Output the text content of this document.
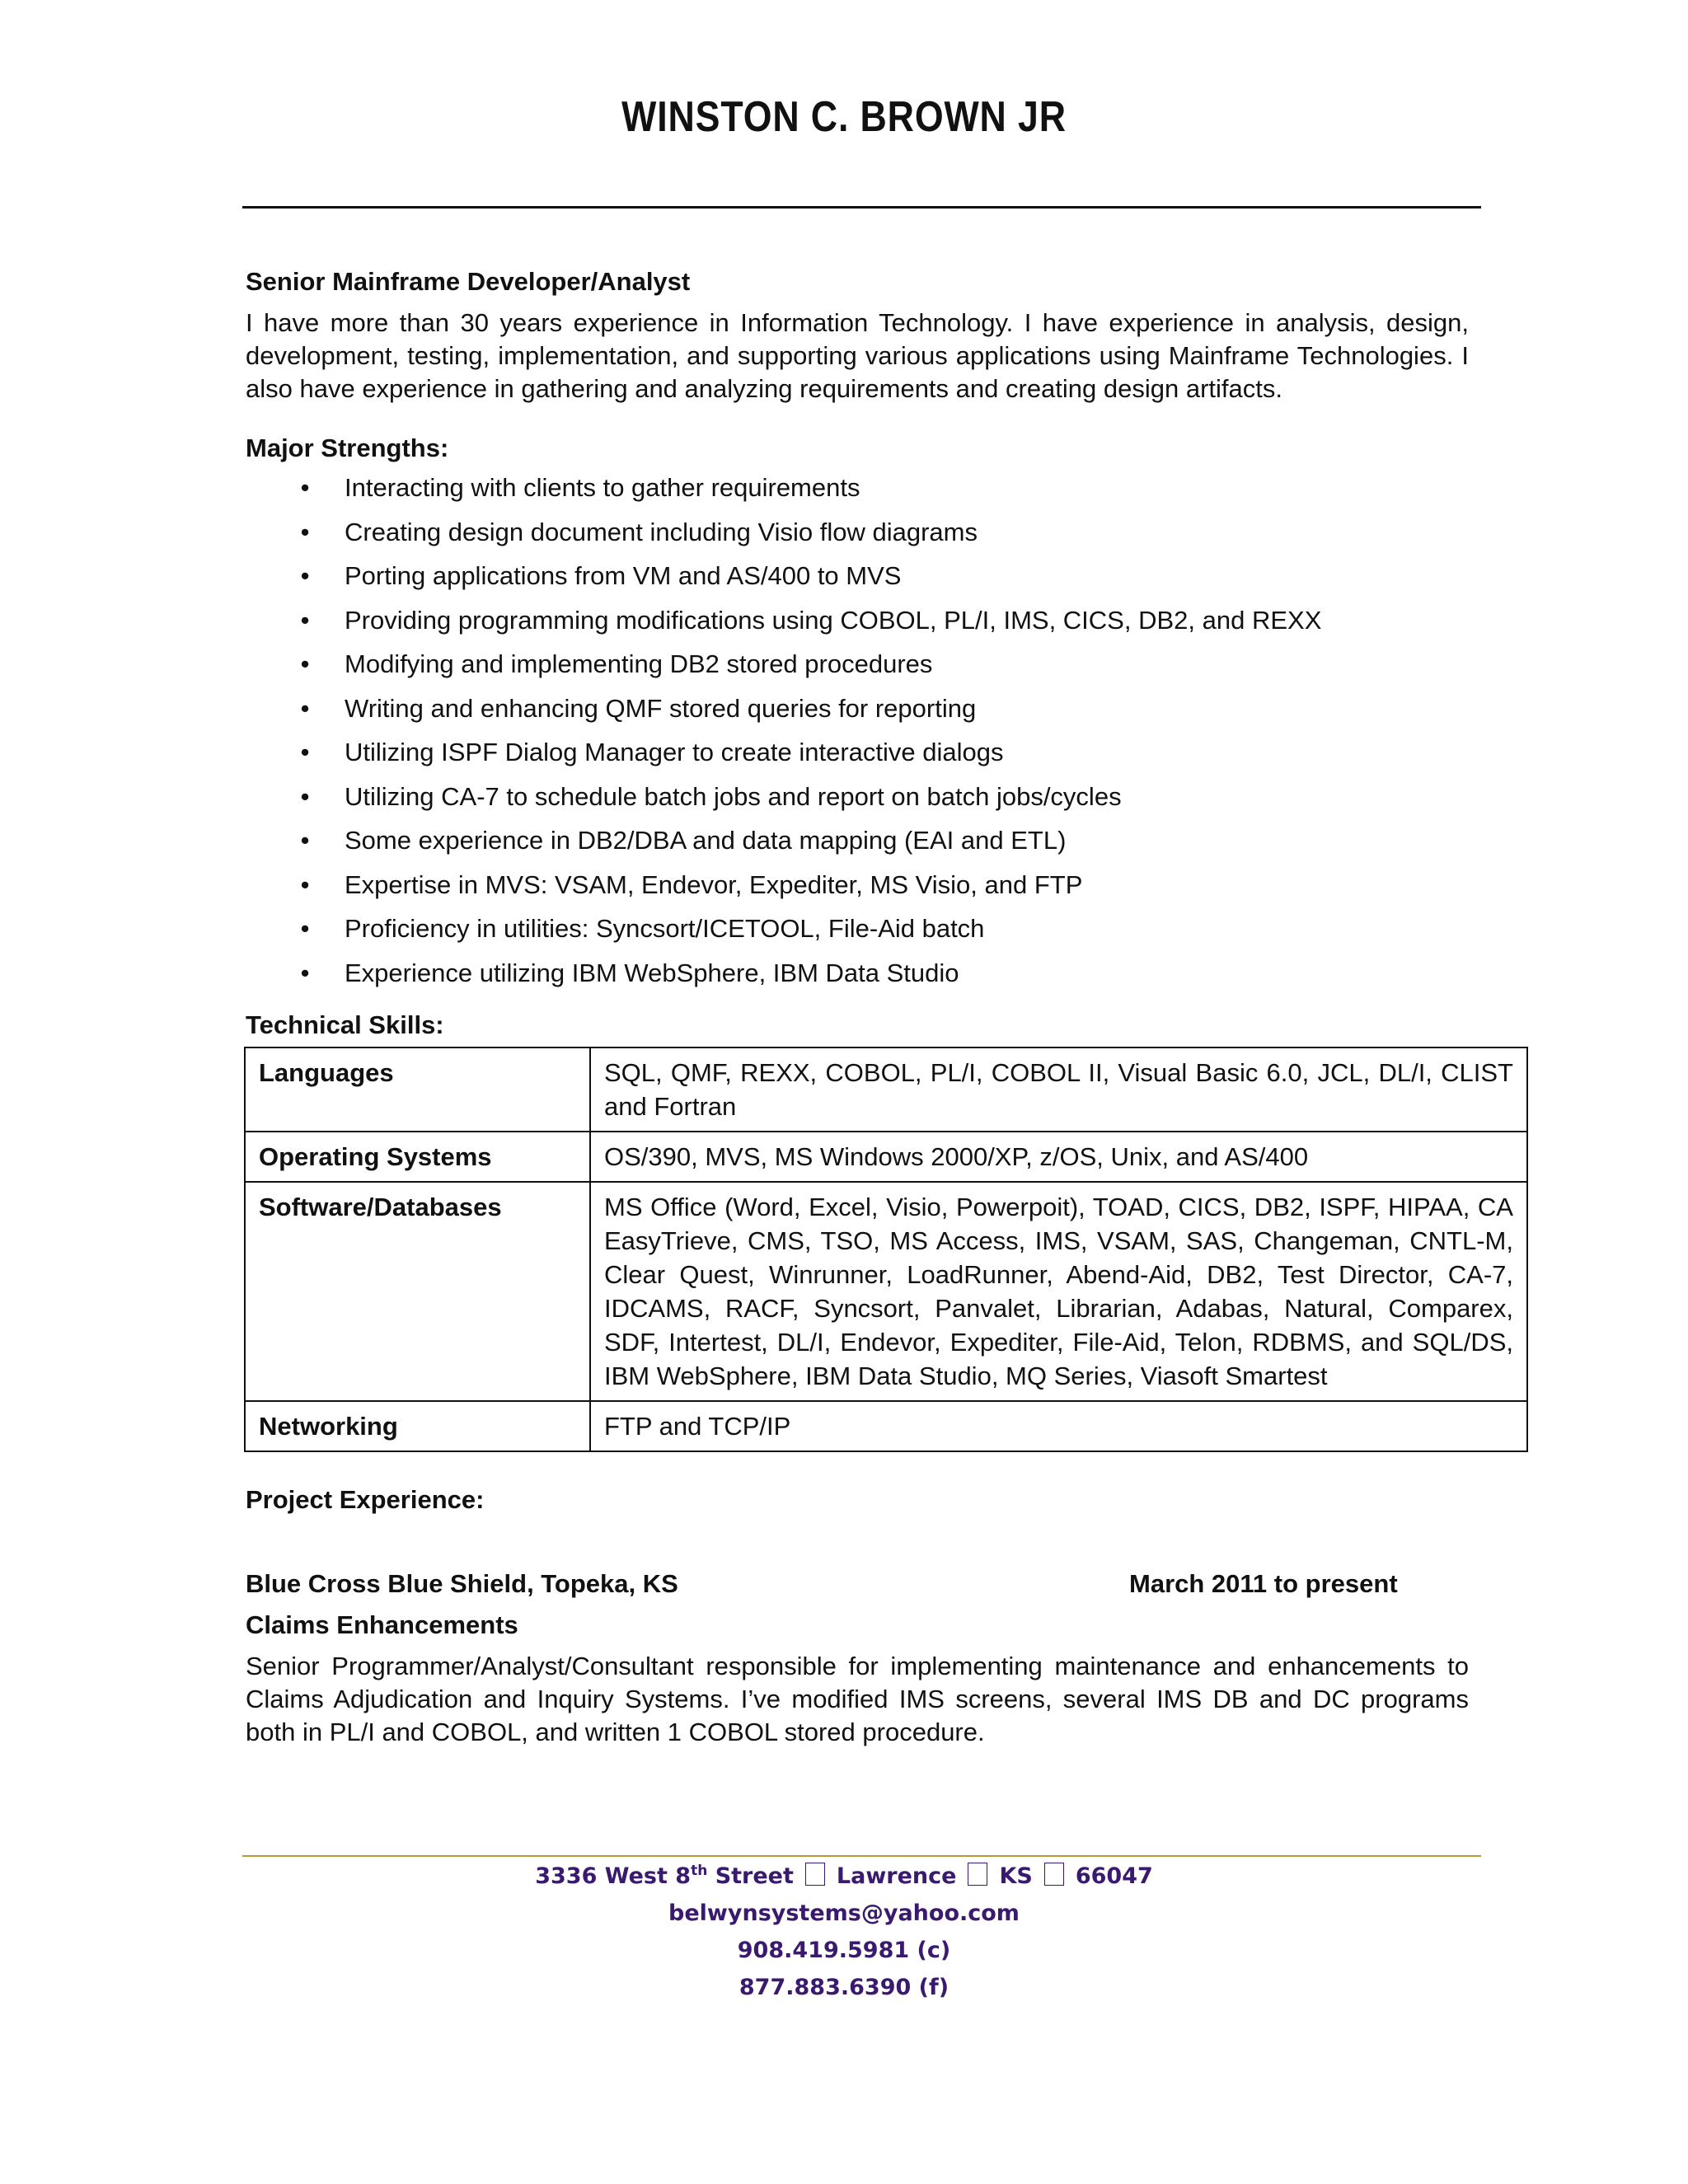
WINSTON C. BROWN JR
Senior Mainframe Developer/Analyst

I have more than 30 years experience in Information Technology. I have experience in analysis, design, development, testing, implementation, and supporting various applications using Mainframe Technologies. I also have experience in gathering and analyzing requirements and creating design artifacts.

Major Strengths:
• Interacting with clients to gather requirements
• Creating design document including Visio flow diagrams
• Porting applications from VM and AS/400 to MVS
• Providing programming modifications using COBOL, PL/I, IMS, CICS, DB2, and REXX
• Modifying and implementing DB2 stored procedures
• Writing and enhancing QMF stored queries for reporting
• Utilizing ISPF Dialog Manager to create interactive dialogs
• Utilizing CA-7 to schedule batch jobs and report on batch jobs/cycles
• Some experience in DB2/DBA and data mapping (EAI and ETL)
• Expertise in MVS: VSAM, Endevor, Expediter, MS Visio, and FTP
• Proficiency in utilities: Syncsort/ICETOOL, File-Aid batch
• Experience utilizing IBM WebSphere, IBM Data Studio
Technical Skills:
Languages	SQL, QMF, REXX, COBOL, PL/I, COBOL II, Visual Basic 6.0, JCL, DL/I, CLIST and Fortran
Operating Systems	OS/390, MVS, MS Windows 2000/XP, z/OS, Unix, and AS/400
Software/Databases	MS Office (Word, Excel, Visio, Powerpoit), TOAD, CICS, DB2, ISPF, HIPAA, CA EasyTrieve, CMS, TSO, MS Access, IMS, VSAM, SAS, Changeman, CNTL-M, Clear Quest, Winrunner, LoadRunner, Abend-Aid, DB2, Test Director, CA-7, IDCAMS, RACF, Syncsort, Panvalet, Librarian, Adabas, Natural, Comparex, SDF, Intertest, DL/I, Endevor, Expediter, File-Aid, Telon, RDBMS, and SQL/DS, IBM WebSphere, IBM Data Studio, MQ Series, Viasoft Smartest
Networking	FTP and TCP/IP
Project Experience:
Blue Cross Blue Shield, Topeka, KS	March 2011 to present
Claims Enhancements
Senior Programmer/Analyst/Consultant responsible for implementing maintenance and enhancements to Claims Adjudication and Inquiry Systems. I’ve modified IMS screens, several IMS DB and DC programs both in PL/I and COBOL, and written 1 COBOL stored procedure.
3336 West 8th Street Lawrence KS 66047
belwynsystems@yahoo.com
908.419.5981 (c)
877.883.6390 (f)
